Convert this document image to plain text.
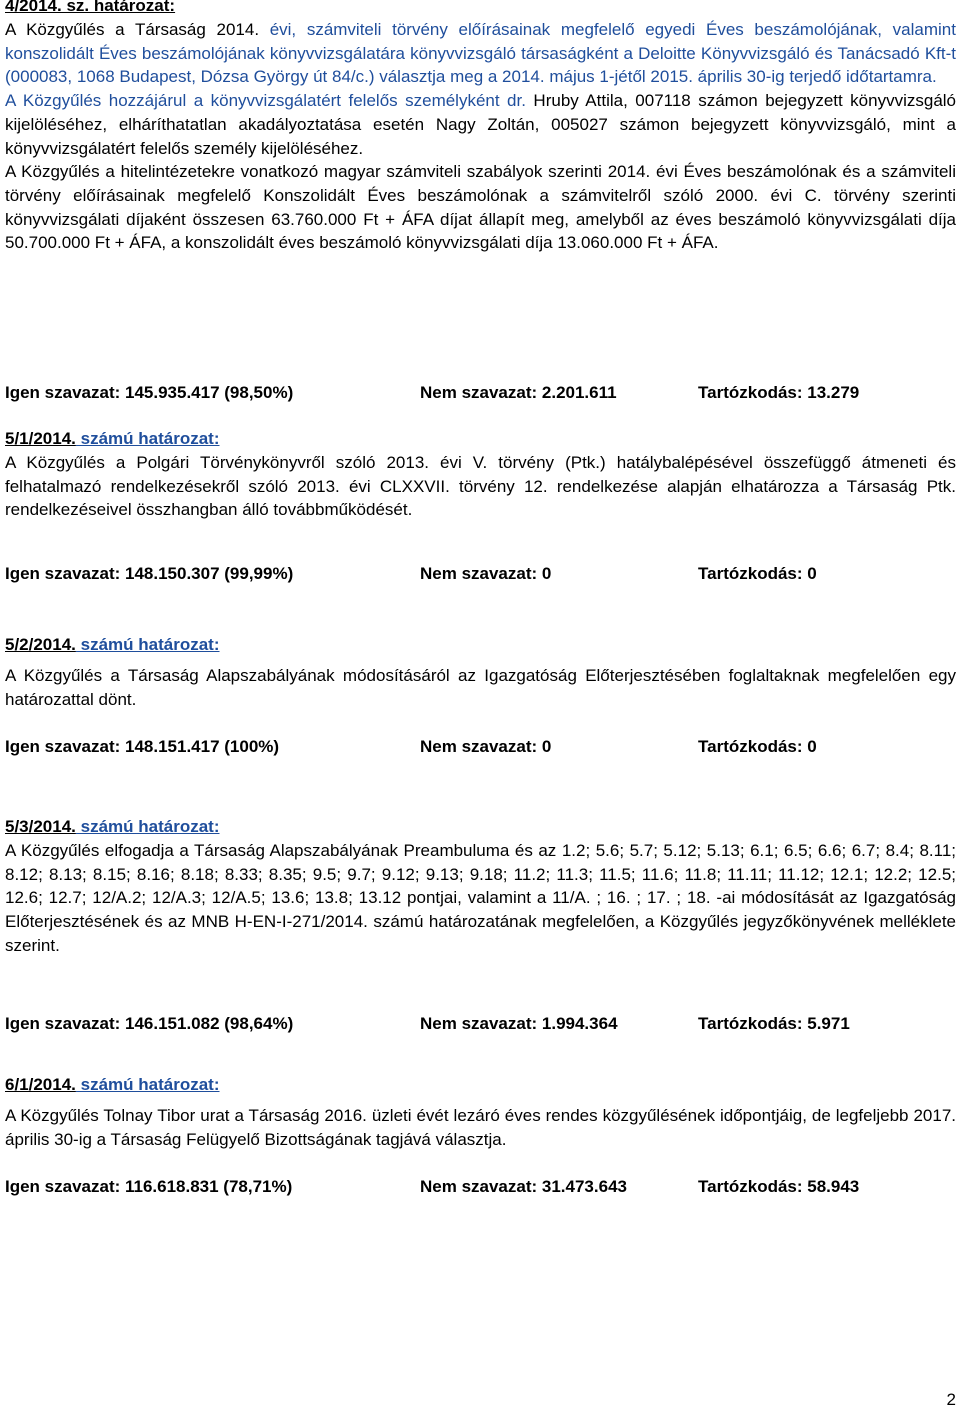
4/2014. sz. határozat:

A Közgyűlés a Társaság 2014. évi, számviteli törvény előírásainak megfelelő egyedi Éves beszámolójának, valamint konszolidált Éves beszámolójának könyvvizsgálatára könyvvizsgáló társaságként a Deloitte Könyvvizsgáló és Tanácsadó Kft-t (000083, 1068 Budapest, Dózsa György út 84/c.) választja meg a 2014. május 1-jétől 2015. április 30-ig terjedő időtartamra.
A Közgyűlés hozzájárul a könyvvizsgálatért felelős személyként dr. Hruby Attila, 007118 számon bejegyzett könyvvizsgáló kijelöléséhez, elháríthatatlan akadályoztatása esetén Nagy Zoltán, 005027 számon bejegyzett könyvvizsgáló, mint a könyvvizsgálatért felelős személy kijelöléséhez.
A Közgyűlés a hitelintézetekre vonatkozó magyar számviteli szabályok szerinti 2014. évi Éves beszámolónak és a számviteli törvény előírásainak megfelelő Konszolidált Éves beszámolónak a számvitelről szóló 2000. évi C. törvény szerinti könyvvizsgálati díjaként összesen 63.760.000 Ft + ÁFA díjat állapít meg, amelyből az éves beszámoló könyvvizsgálati díja 50.700.000 Ft + ÁFA, a konszolidált éves beszámoló könyvvizsgálati díja 13.060.000 Ft + ÁFA.

Igen szavazat: 145.935.417 (98,50%)	Nem szavazat: 2.201.611	Tartózkodás: 13.279
5/1/2014. számú határozat:

A Közgyűlés a Polgári Törvénykönyvről szóló 2013. évi V. törvény (Ptk.) hatálybalépésével összefüggő átmeneti és felhatalmazó rendelkezésekről szóló 2013. évi CLXXVII. törvény 12. rendelkezése alapján elhatározza a Társaság Ptk. rendelkezéseivel összhangban álló továbbműködését.

Igen szavazat: 148.150.307 (99,99%)	Nem szavazat: 0	Tartózkodás: 0
5/2/2014. számú határozat:

A Közgyűlés a Társaság Alapszabályának módosításáról az Igazgatóság Előterjesztésében foglaltaknak megfelelően egy határozattal dönt.

Igen szavazat: 148.151.417 (100%)	Nem szavazat: 0	Tartózkodás: 0
5/3/2014. számú határozat:

A Közgyűlés elfogadja a Társaság Alapszabályának Preambuluma és az 1.2; 5.6; 5.7; 5.12; 5.13; 6.1; 6.5; 6.6; 6.7; 8.4; 8.11; 8.12; 8.13; 8.15; 8.16; 8.18; 8.33; 8.35; 9.5; 9.7; 9.12; 9.13; 9.18; 11.2; 11.3; 11.5; 11.6; 11.8; 11.11; 11.12; 12.1; 12.2; 12.5; 12.6; 12.7; 12/A.2; 12/A.3; 12/A.5; 13.6; 13.8; 13.12 pontjai, valamint a 11/A. ; 16. ; 17. ; 18. -ai módosítását az Igazgatóság Előterjesztésének és az MNB H-EN-I-271/2014. számú határozatának megfelelően, a Közgyűlés jegyzőkönyvének melléklete szerint.

Igen szavazat: 146.151.082 (98,64%)	Nem szavazat: 1.994.364	Tartózkodás: 5.971
6/1/2014. számú határozat:

A Közgyűlés Tolnay Tibor urat a Társaság 2016. üzleti évét lezáró éves rendes közgyűlésének időpontjáig, de legfeljebb 2017. április 30-ig a Társaság Felügyelő Bizottságának tagjává választja.

Igen szavazat: 116.618.831 (78,71%)	Nem szavazat: 31.473.643	Tartózkodás: 58.943
2
